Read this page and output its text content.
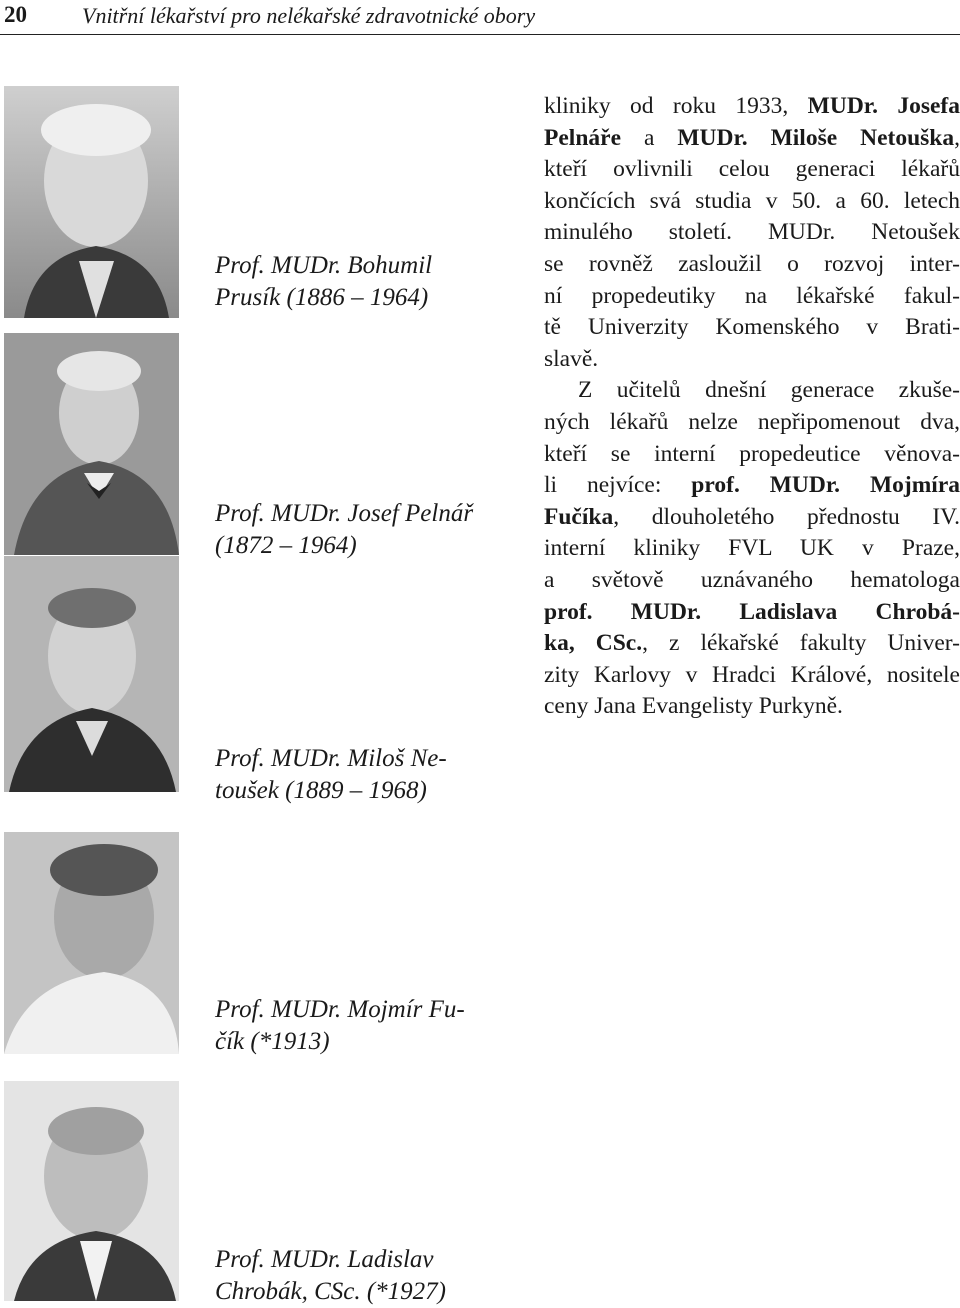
20	Vnitřní lékařství pro nelékařské zdravotnické obory
Prof. MUDr. Bohumil
Prusík (1886 – 1964)
Prof. MUDr. Josef Pelnář
(1872 – 1964)
Prof. MUDr. Miloš Ne-
toušek (1889 – 1968)
Prof. MUDr. Mojmír Fu-
čík (*1913)
Prof. MUDr. Ladislav
Chrobák, CSc. (*1927)
kliniky od roku 1933, MUDr. Josefa
Pelnáře a MUDr. Miloše Netouška,
kteří ovlivnili celou generaci lékařů
končících svá studia v 50. a 60. letech
minulého století. MUDr. Netoušek
se rovněž zasloužil o rozvoj inter-
ní propedeutiky na lékařské fakul-
tě Univerzity Komenského v Brati-
slavě.
Z učitelů dnešní generace zkuše-
ných lékařů nelze nepřipomenout dva,
kteří se interní propedeutice věnova-
li nejvíce: prof. MUDr. Mojmíra
Fučíka, dlouholetého přednostu IV.
interní kliniky FVL UK v Praze,
a světově uznávaného hematologa
prof. MUDr. Ladislava Chrobá-
ka, CSc., z lékařské fakulty Univer-
zity Karlovy v Hradci Králové, nositele
ceny Jana Evangelisty Purkyně.
